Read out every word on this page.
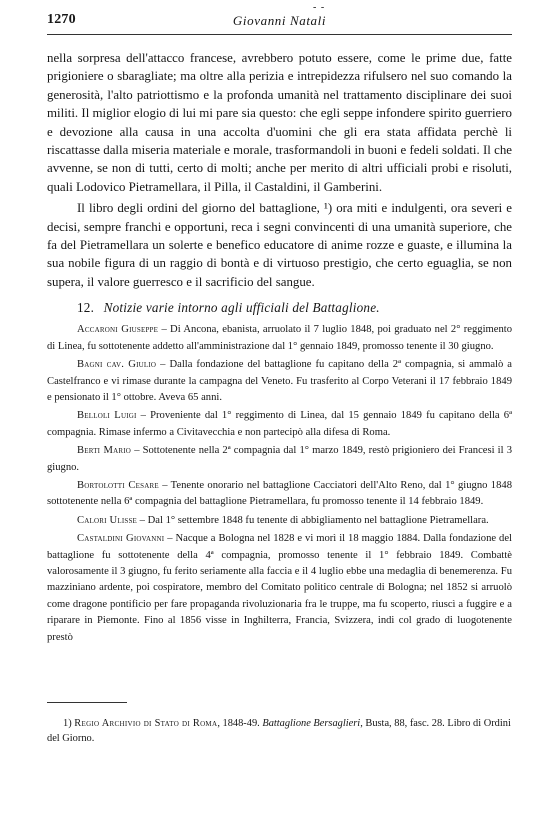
- -
1270	Giovanni Natali

nella sorpresa dell'attacco francese, avrebbero potuto essere, come le prime due, fatte prigioniere o sbaragliate; ma oltre alla perizia e intrepidezza rifulsero nel suo comando la generosità, l'alto patriottismo e la profonda umanità nel trattamento disciplinare dei suoi militi. Il miglior elogio di lui mi pare sia questo: che egli seppe infondere spirito guerriero e devozione alla causa in una accolta d'uomini che gli era stata affidata perchè li riscattasse dalla miseria materiale e morale, trasformandoli in buoni e fedeli soldati. Il che avvenne, se non di tutti, certo di molti; anche per merito di altri ufficiali probi e risoluti, quali Lodovico Pietramellara, il Pilla, il Castaldini, il Gamberini.

Il libro degli ordini del giorno del battaglione, ¹) ora miti e indulgenti, ora severi e decisi, sempre franchi e opportuni, reca i segni convincenti di una umanità superiore, che fa del Pietramellara un solerte e benefico educatore di anime rozze e guaste, e illumina la sua nobile figura di un raggio di bontà e di virtuoso prestigio, che certo eguaglia, se non supera, il valore guerresco e il sacrificio del sangue.

12. Notizie varie intorno agli ufficiali del Battaglione.

Accaroni Giuseppe – Di Ancona, ebanista, arruolato il 7 luglio 1848, poi graduato nel 2° reggimento di Linea, fu sottotenente addetto all'amministrazione dal 1° gennaio 1849, promosso tenente il 30 giugno.

Bagni cav. Giulio – Dalla fondazione del battaglione fu capitano della 2ª compagnia, si ammalò a Castelfranco e vi rimase durante la campagna del Veneto. Fu trasferito al Corpo Veterani il 17 febbraio 1849 e pensionato il 1° ottobre. Aveva 65 anni.

Belloli Luigi – Proveniente dal 1° reggimento di Linea, dal 15 gennaio 1849 fu capitano della 6ª compagnia. Rimase infermo a Civitavecchia e non partecipò alla difesa di Roma.

Berti Mario – Sottotenente nella 2ª compagnia dal 1° marzo 1849, restò prigioniero dei Francesi il 3 giugno.

Bortolotti Cesare – Tenente onorario nel battaglione Cacciatori dell'Alto Reno, dal 1° giugno 1848 sottotenente nella 6ª compagnia del battaglione Pietramellara, fu promosso tenente il 14 febbraio 1849.

Calori Ulisse – Dal 1° settembre 1848 fu tenente di abbigliamento nel battaglione Pietramellara.

Castaldini Giovanni – Nacque a Bologna nel 1828 e vi morì il 18 maggio 1884. Dalla fondazione del battaglione fu sottotenente della 4ª compagnia, promosso tenente il 1° febbraio 1849. Combattè valorosamente il 3 giugno, fu ferito seriamente alla faccia e il 4 luglio ebbe una medaglia di benemerenza. Fu mazziniano ardente, poi cospiratore, membro del Comitato politico centrale di Bologna; nel 1852 si arruolò come dragone pontificio per fare propaganda rivoluzionaria fra le truppe, ma fu scoperto, riuscì a fuggire e a riparare in Piemonte. Fino al 1856 visse in Inghilterra, Francia, Svizzera, indi col grado di luogotenente prestò

1) Regio Archivio di Stato di Roma, 1848-49. Battaglione Bersaglieri, Busta, 88, fasc. 28. Libro di Ordini del Giorno.
